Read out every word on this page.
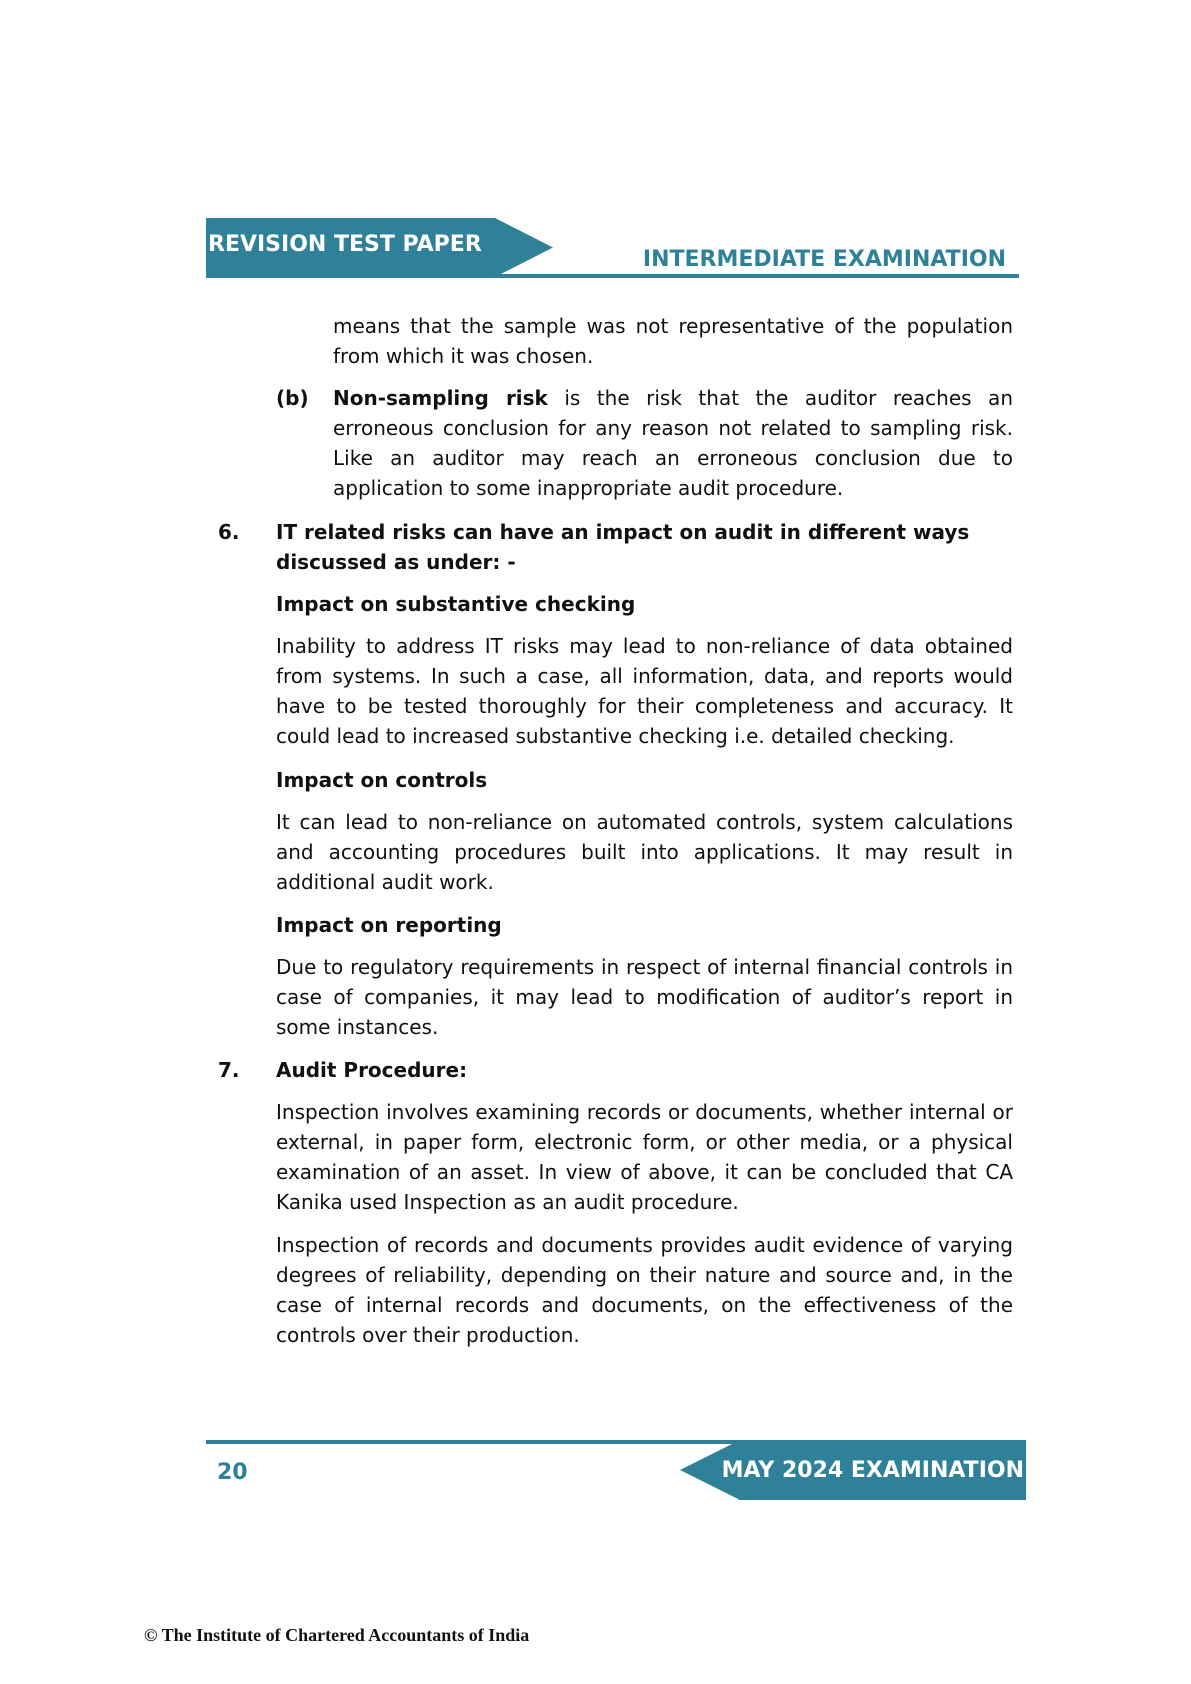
REVISION TEST PAPER
INTERMEDIATE EXAMINATION

means that the sample was not representative of the population from which it was chosen.

(b) Non-sampling risk is the risk that the auditor reaches an erroneous conclusion for any reason not related to sampling risk. Like an auditor may reach an erroneous conclusion due to application to some inappropriate audit procedure.

6. IT related risks can have an impact on audit in different ways discussed as under: -

Impact on substantive checking

Inability to address IT risks may lead to non-reliance of data obtained from systems. In such a case, all information, data, and reports would have to be tested thoroughly for their completeness and accuracy. It could lead to increased substantive checking i.e. detailed checking.

Impact on controls

It can lead to non-reliance on automated controls, system calculations and accounting procedures built into applications. It may result in additional audit work.

Impact on reporting

Due to regulatory requirements in respect of internal financial controls in case of companies, it may lead to modification of auditor’s report in some instances.

7. Audit Procedure:

Inspection involves examining records or documents, whether internal or external, in paper form, electronic form, or other media, or a physical examination of an asset. In view of above, it can be concluded that CA Kanika used Inspection as an audit procedure.

Inspection of records and documents provides audit evidence of varying degrees of reliability, depending on their nature and source and, in the case of internal records and documents, on the effectiveness of the controls over their production.

MAY 2024 EXAMINATION
20
© The Institute of Chartered Accountants of India
